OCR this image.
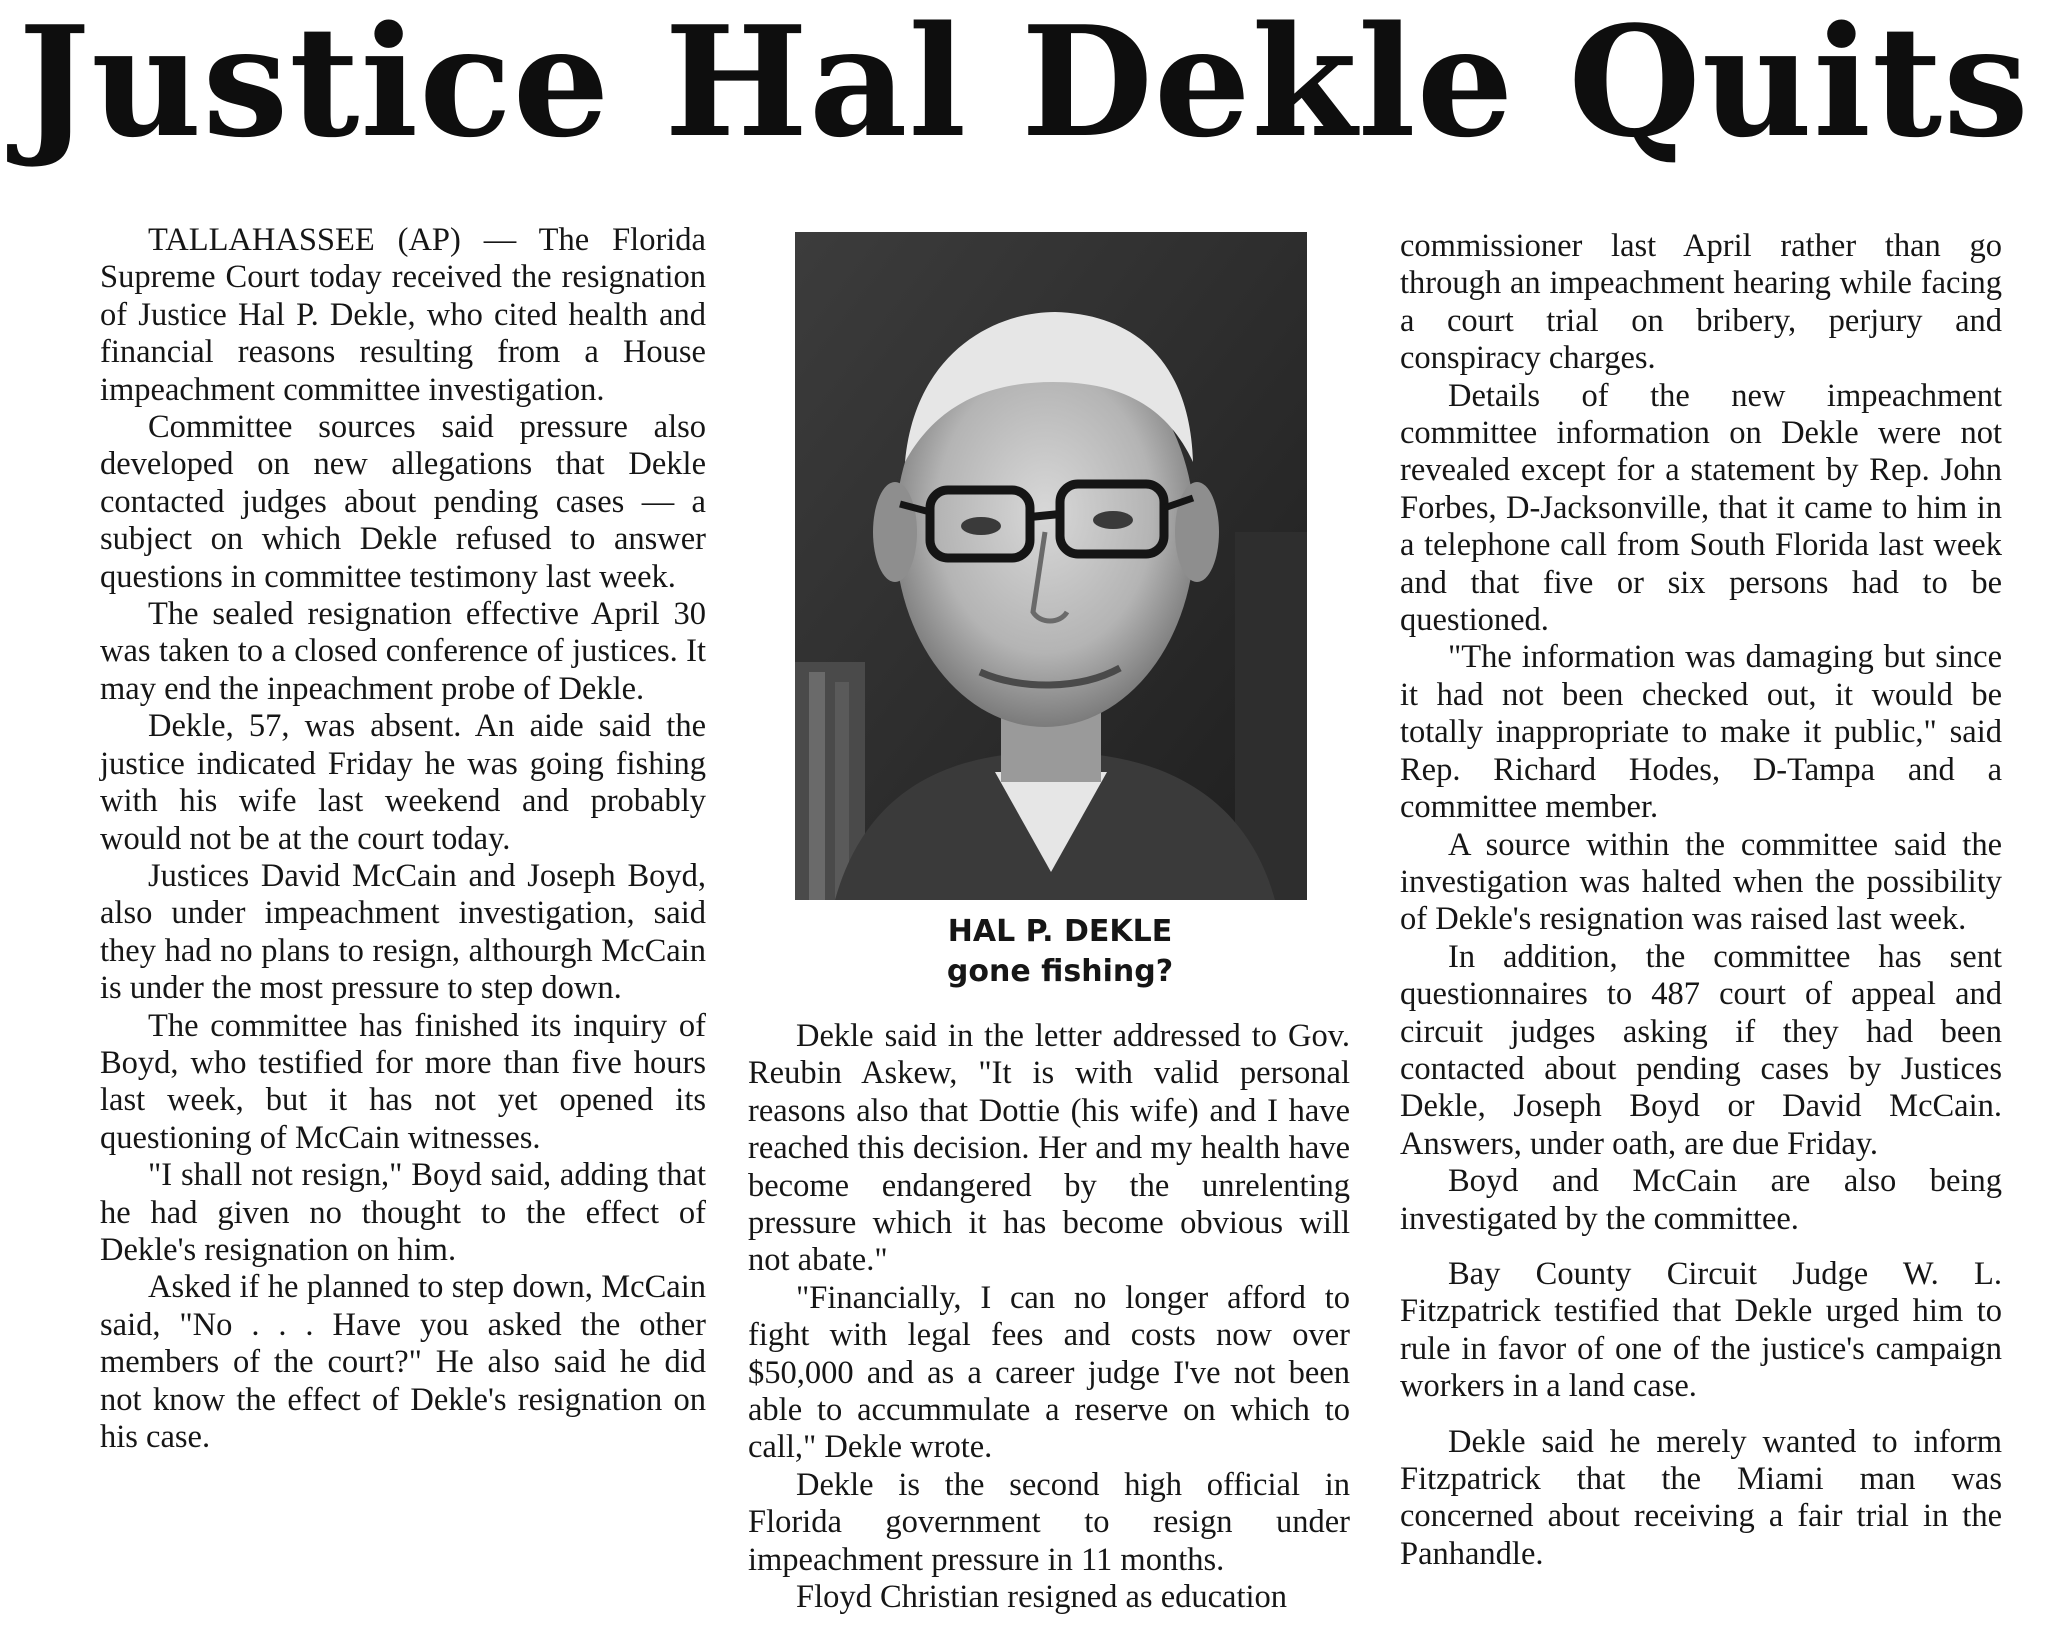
Justice Hal Dekle Quits

TALLAHASSEE (AP) — The Florida Supreme Court today received the resignation of Justice Hal P. Dekle, who cited health and financial reasons resulting from a House impeachment committee investigation.

Committee sources said pressure also developed on new allegations that Dekle contacted judges about pending cases — a subject on which Dekle refused to answer questions in committee testimony last week.

The sealed resignation effective April 30 was taken to a closed conference of justices. It may end the inpeachment probe of Dekle.

Dekle, 57, was absent. An aide said the justice indicated Friday he was going fishing with his wife last weekend and probably would not be at the court today.

Justices David McCain and Joseph Boyd, also under impeachment investigation, said they had no plans to resign, althourgh McCain is under the most pressure to step down.

The committee has finished its inquiry of Boyd, who testified for more than five hours last week, but it has not yet opened its questioning of McCain witnesses.

"I shall not resign," Boyd said, adding that he had given no thought to the effect of Dekle's resignation on him.

Asked if he planned to step down, McCain said, "No . . . Have you asked the other members of the court?" He also said he did not know the effect of Dekle's resignation on his case.

HAL P. DEKLE
gone fishing?

Dekle said in the letter addressed to Gov. Reubin Askew, "It is with valid personal reasons also that Dottie (his wife) and I have reached this decision. Her and my health have become endangered by the unrelenting pressure which it has become obvious will not abate."

"Financially, I can no longer afford to fight with legal fees and costs now over $50,000 and as a career judge I've not been able to accummulate a reserve on which to call," Dekle wrote.

Dekle is the second high official in Florida government to resign under impeachment pressure in 11 months.

Floyd Christian resigned as education

commissioner last April rather than go through an impeachment hearing while facing a court trial on bribery, perjury and conspiracy charges.

Details of the new impeachment committee information on Dekle were not revealed except for a statement by Rep. John Forbes, D-Jacksonville, that it came to him in a telephone call from South Florida last week and that five or six persons had to be questioned.

"The information was damaging but since it had not been checked out, it would be totally inappropriate to make it public," said Rep. Richard Hodes, D-Tampa and a committee member.

A source within the committee said the investigation was halted when the possibility of Dekle's resignation was raised last week.

In addition, the committee has sent questionnaires to 487 court of appeal and circuit judges asking if they had been contacted about pending cases by Justices Dekle, Joseph Boyd or David McCain. Answers, under oath, are due Friday.

Boyd and McCain are also being investigated by the committee.

Bay County Circuit Judge W. L. Fitzpatrick testified that Dekle urged him to rule in favor of one of the justice's campaign workers in a land case.

Dekle said he merely wanted to inform Fitzpatrick that the Miami man was concerned about receiving a fair trial in the Panhandle.
